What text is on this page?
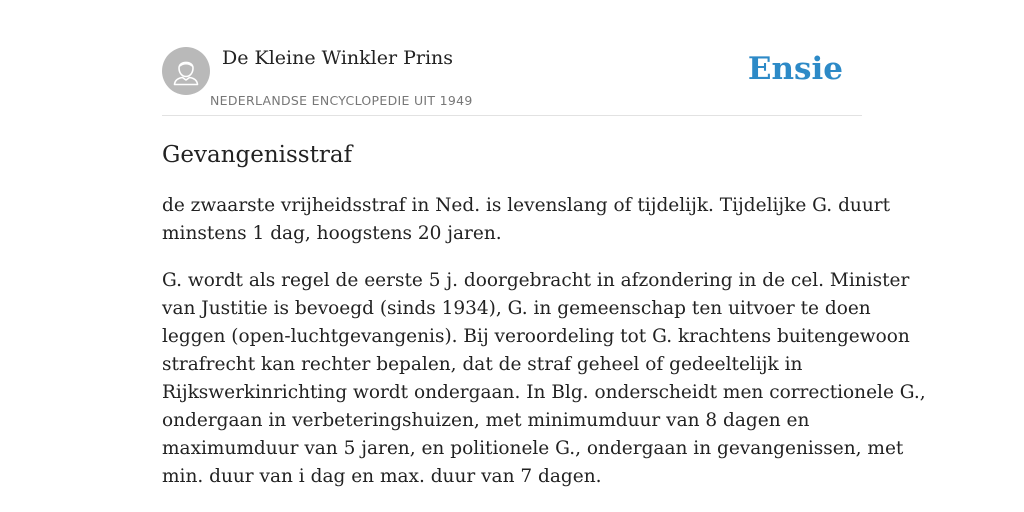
De Kleine Winkler Prins
NEDERLANDSE ENCYCLOPEDIE UIT 1949
Ensie
Gevangenisstraf

de zwaarste vrijheidsstraf in Ned. is levenslang of tijdelijk. Tijdelijke G. duurt
minstens 1 dag, hoogstens 20 jaren.

G. wordt als regel de eerste 5 j. doorgebracht in afzondering in de cel. Minister
van Justitie is bevoegd (sinds 1934), G. in gemeenschap ten uitvoer te doen
leggen (open-luchtgevangenis). Bij veroordeling tot G. krachtens buitengewoon
strafrecht kan rechter bepalen, dat de straf geheel of gedeeltelijk in
Rijkswerkinrichting wordt ondergaan. In Blg. onderscheidt men correctionele G.,
ondergaan in verbeteringshuizen, met minimumduur van 8 dagen en
maximumduur van 5 jaren, en politionele G., ondergaan in gevangenissen, met
min. duur van i dag en max. duur van 7 dagen.
